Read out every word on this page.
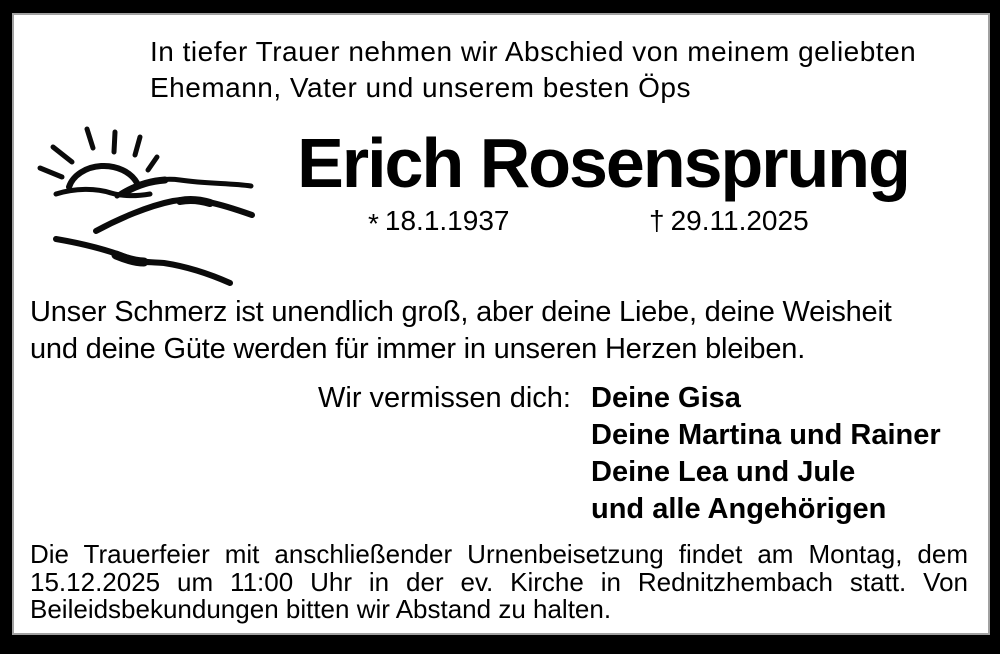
In tiefer Trauer nehmen wir Abschied von meinem geliebten
Ehemann, Vater und unserem besten Öps
Erich Rosensprung
* 18.1.1937	† 29.11.2025
Unser Schmerz ist unendlich groß, aber deine Liebe, deine Weisheit
und deine Güte werden für immer in unseren Herzen bleiben.
Wir vermissen dich: Deine Gisa
Deine Martina und Rainer
Deine Lea und Jule
und alle Angehörigen
Die Trauerfeier mit anschließender Urnenbeisetzung findet am Montag, dem
15.12.2025 um 11:00 Uhr in der ev. Kirche in Rednitzhembach statt. Von
Beileidsbekundungen bitten wir Abstand zu halten.
